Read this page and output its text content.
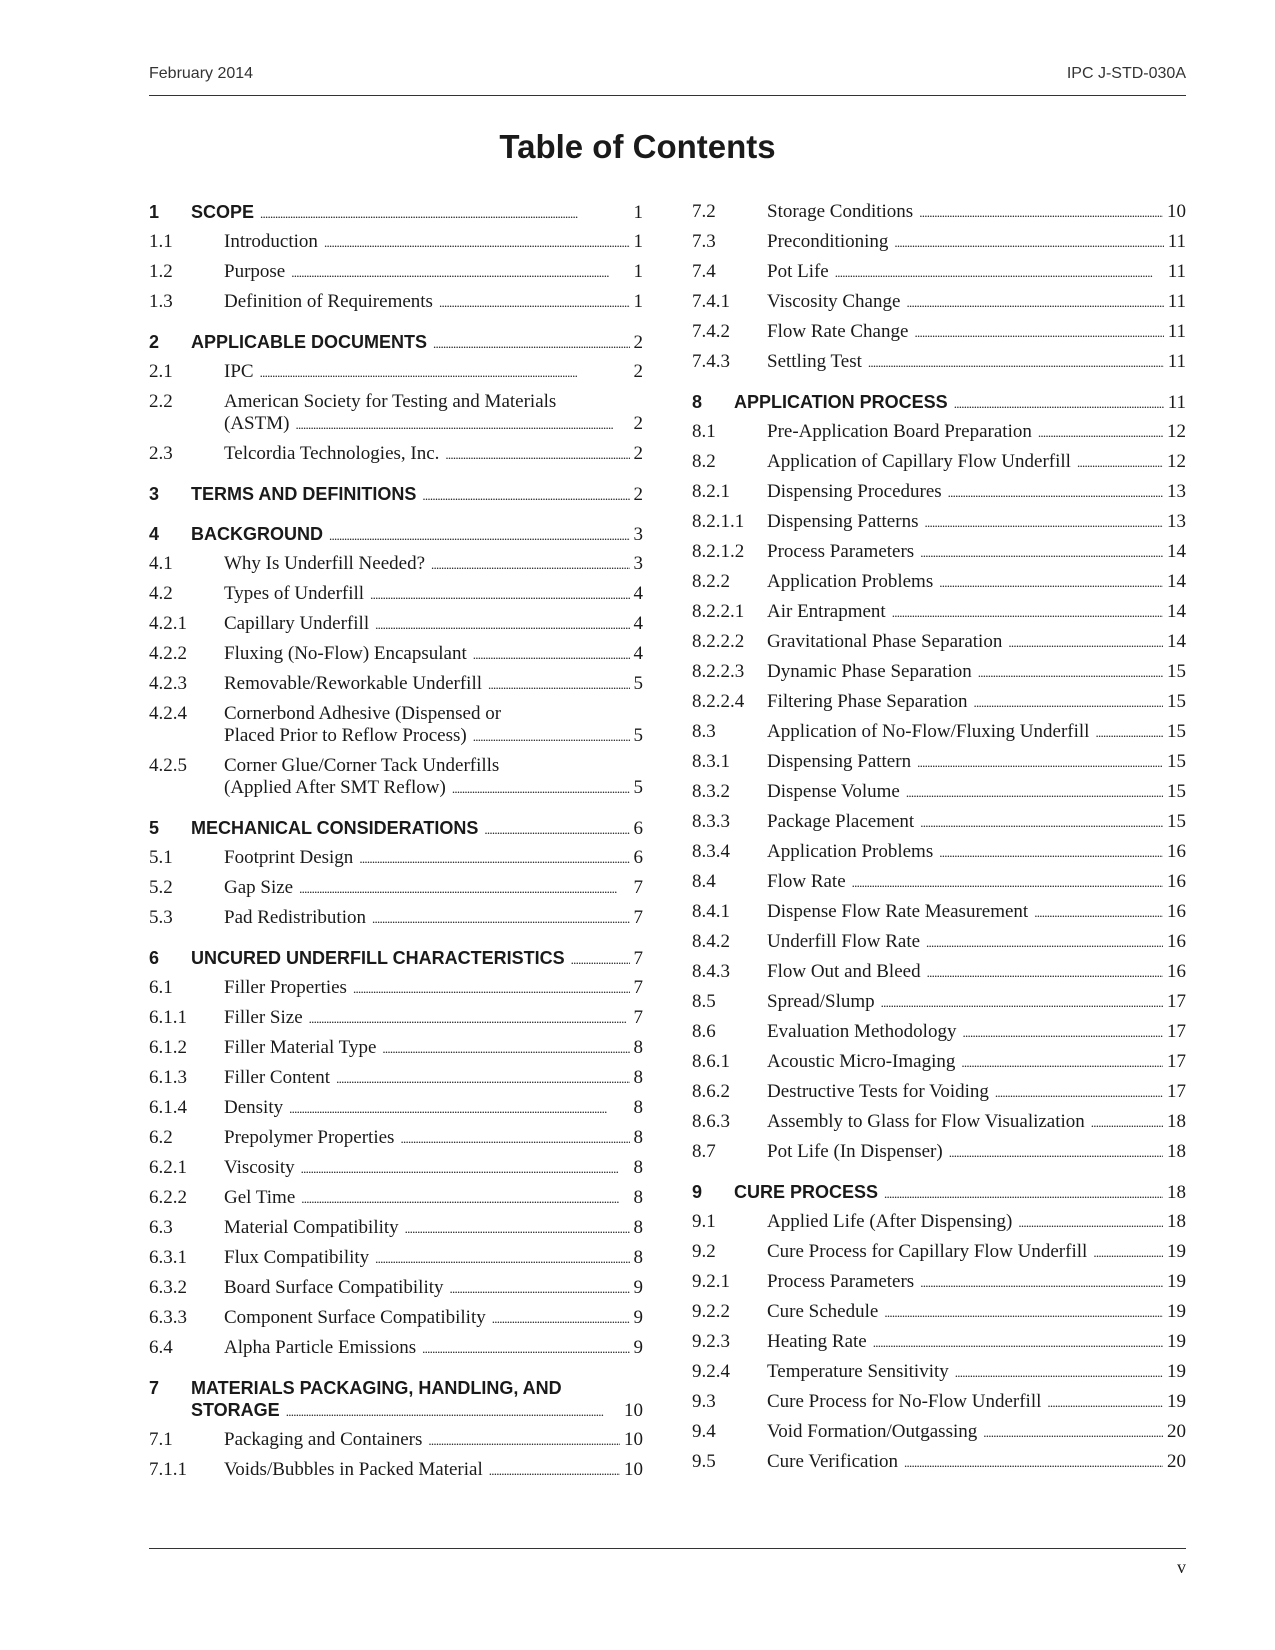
February 2014	IPC J-STD-030A
Table of Contents
1 SCOPE . . .	1
1.1	Introduction . . .	1
1.2	Purpose . . .	1
1.3	Definition of Requirements . . .	1
2 APPLICABLE DOCUMENTS . . .	2
2.1	IPC . . .	2
2.2	American Society for Testing and Materials
(ASTM) . . .	2
2.3	Telcordia Technologies, Inc. . . .	2
3 TERMS AND DEFINITIONS . . .	2
4 BACKGROUND . . .	3
4.1	Why Is Underfill Needed? . . .	3
4.2	Types of Underfill . . .	4
4.2.1 Capillary Underfill . . .	4
4.2.2 Fluxing (No-Flow) Encapsulant . . .	4
4.2.3 Removable/Reworkable Underfill . . .	5
4.2.4 Cornerbond Adhesive (Dispensed or
Placed Prior to Reflow Process) . . .	5
4.2.5 Corner Glue/Corner Tack Underfills
(Applied After SMT Reflow) . . .	5
5 MECHANICAL CONSIDERATIONS . . .	6
5.1	Footprint Design . . .	6
5.2	Gap Size . . .	7
5.3	Pad Redistribution . . .	7
6 UNCURED UNDERFILL CHARACTERISTICS . . .	7
6.1	Filler Properties . . .	7
6.1.1 Filler Size . . .	7
6.1.2 Filler Material Type . . .	8
6.1.3 Filler Content . . .	8
6.1.4 Density . . .	8
6.2	Prepolymer Properties . . .	8
6.2.1 Viscosity . . .	8
6.2.2 Gel Time . . .	8
6.3	Material Compatibility . . .	8
6.3.1 Flux Compatibility . . .	8
6.3.2 Board Surface Compatibility . . .	9
6.3.3 Component Surface Compatibility . . .	9
6.4	Alpha Particle Emissions . . .	9
7 MATERIALS PACKAGING, HANDLING, AND
STORAGE . . .	10
7.1	Packaging and Containers . . .	10
7.1.1 Voids/Bubbles in Packed Material . . .	10
7.2	Storage Conditions . . .	10
7.3	Preconditioning . . .	11
7.4	Pot Life . . .	11
7.4.1 Viscosity Change . . .	11
7.4.2 Flow Rate Change . . .	11
7.4.3 Settling Test . . .	11
8 APPLICATION PROCESS . . .	11
8.1	Pre-Application Board Preparation . . .	12
8.2	Application of Capillary Flow Underfill . . .	12
8.2.1 Dispensing Procedures . . .	13
8.2.1.1 Dispensing Patterns . . .	13
8.2.1.2 Process Parameters . . .	14
8.2.2 Application Problems . . .	14
8.2.2.1 Air Entrapment . . .	14
8.2.2.2 Gravitational Phase Separation . . .	14
8.2.2.3 Dynamic Phase Separation . . .	15
8.2.2.4 Filtering Phase Separation . . .	15
8.3	Application of No-Flow/Fluxing Underfill . . .	15
8.3.1 Dispensing Pattern . . .	15
8.3.2 Dispense Volume . . .	15
8.3.3 Package Placement . . .	15
8.3.4 Application Problems . . .	16
8.4	Flow Rate . . .	16
8.4.1 Dispense Flow Rate Measurement . . .	16
8.4.2 Underfill Flow Rate . . .	16
8.4.3 Flow Out and Bleed . . .	16
8.5	Spread/Slump . . .	17
8.6	Evaluation Methodology . . .	17
8.6.1 Acoustic Micro-Imaging . . .	17
8.6.2 Destructive Tests for Voiding . . .	17
8.6.3 Assembly to Glass for Flow Visualization . . .	18
8.7	Pot Life (In Dispenser) . . .	18
9 CURE PROCESS . . .	18
9.1	Applied Life (After Dispensing) . . .	18
9.2	Cure Process for Capillary Flow Underfill . . .	19
9.2.1 Process Parameters . . .	19
9.2.2 Cure Schedule . . .	19
9.2.3 Heating Rate . . .	19
9.2.4 Temperature Sensitivity . . .	19
9.3	Cure Process for No-Flow Underfill . . .	19
9.4	Void Formation/Outgassing . . .	20
9.5	Cure Verification . . .	20
v
